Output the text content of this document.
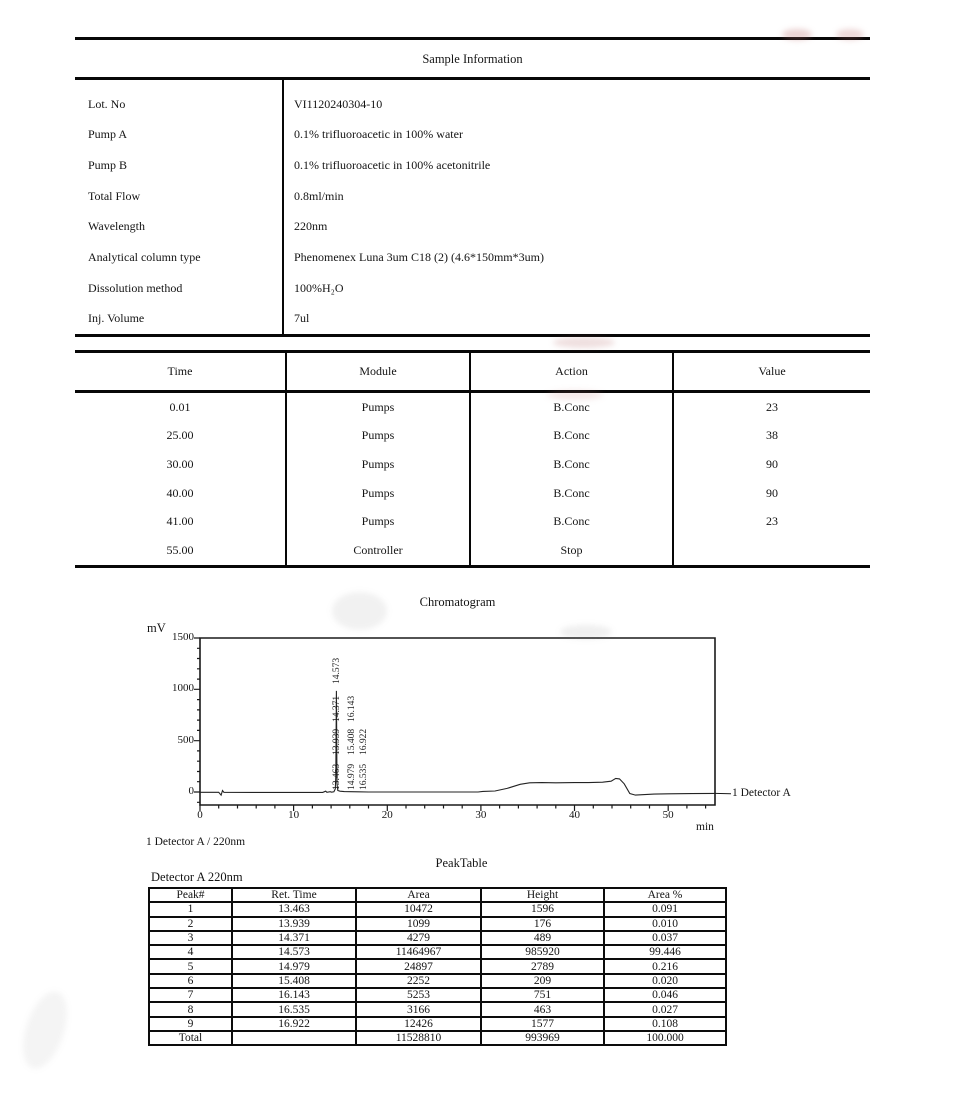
Sample Information
Lot. No	VI1120240304-10
Pump A	0.1% trifluoroacetic in 100% water
Pump B	0.1% trifluoroacetic in 100% acetonitrile
Total Flow	0.8ml/min
Wavelength	220nm
Analytical column type	Phenomenex Luna 3um C18 (2) (4.6*150mm*3um)
Dissolution method	100%H₂O
Inj. Volume	7ul
Time	Module	Action	Value
0.01	Pumps	B.Conc	23
25.00	Pumps	B.Conc	38
30.00	Pumps	B.Conc	90
40.00	Pumps	B.Conc	90
41.00	Pumps	B.Conc	23
55.00	Controller	Stop
Chromatogram
mV
min
1 Detector A
0
500
1000
1500
0	10	20	30	40	50
13.463
13.939
14.371
14.573
14.979
15.408
16.143
16.535
16.922
1 Detector A / 220nm
PeakTable
Detector A 220nm
Peak#	Ret. Time	Area	Height	Area %
1	13.463	10472	1596	0.091
2	13.939	1099	176	0.010
3	14.371	4279	489	0.037
4	14.573	11464967	985920	99.446
5	14.979	24897	2789	0.216
6	15.408	2252	209	0.020
7	16.143	5253	751	0.046
8	16.535	3166	463	0.027
9	16.922	12426	1577	0.108
Total		11528810	993969	100.000
